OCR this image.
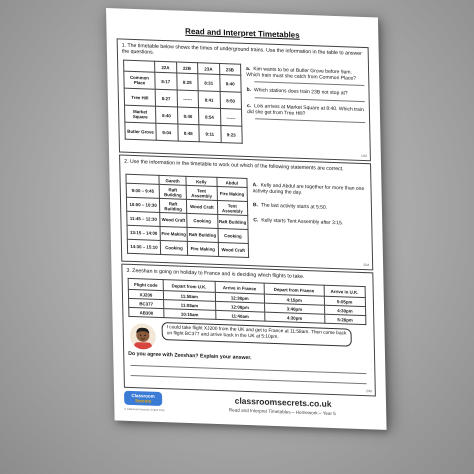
Read and Interpret Timetables
1. The timetable below shows the times of underground trains. Use the information in the table to answer the questions.
	22A	22B	23A	23B
Common Place	8:17	8:28	8:31	8:40
Tree Hill	8:27	------	8:41	8:50
Market Square	8:40	8:40	8:54	------
Butler Grove	9:04	8:48	9:11	9:23
a. Kim wants to be at Butler Grove before 9am. Which train must she catch from Common Place?
b. Which stations does train 23B not stop at?
c. Lois arrives at Market Square at 8:40. Which train did she get from Tree Hill?
1/M
2. Use the information in the timetable to work out which of the following statements are correct.
	Gareth	Kelly	Abdul
9:00 – 9:45	Raft Building	Tent Assembly	Fire Making
10:00 – 10:30	Raft Building	Wood Craft	Tent Assembly
11:45 – 12:30	Wood Craft	Cooking	Raft Building
13:15 – 14:00	Fire Making	Raft Building	Cooking
14:30 – 15:10	Cooking	Fire Making	Wood Craft
A. Kelly and Abdul are together for more than one activity during the day.
B. The last activity starts at 5:50.
C. Kelly starts Tent Assembly after 3:15.
2/M
3. Zeeshan is going on holiday to France and is deciding which flights to take.
Flight code	Depart from U.K.	Arrive in France	Depart from France	Arrive in U.K.
XJ200	11:58am	12:38pm	4:15pm	5:05pm
BC377	11:08am	12:08pm	3:40pm	4:30pm
AB300	10:15am	11:40am	4:30pm	5:28pm
I could take flight XJ200 from the UK and get to France at 11:58am. Then come back on flight BC377 and arrive back in the UK at 5:10pm.
Do you agree with Zeeshan? Explain your answer.
2/M
Classroom
Secrets
© Classroom Secrets Limited 2019
classroomsecrets.co.uk
Read and Interpret Timetables – Homework – Year 5
